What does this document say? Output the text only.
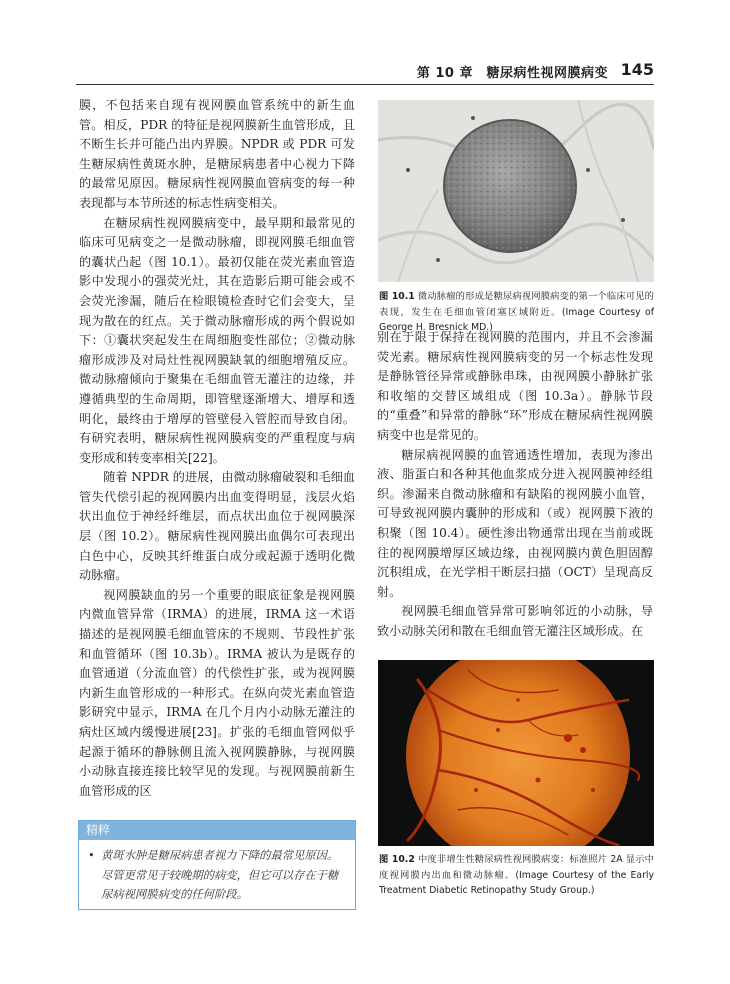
第 10 章　糖尿病性视网膜病变 145

膜，不包括来自现有视网膜血管系统中的新生血管。相反，PDR 的特征是视网膜新生血管形成，且不断生长并可能凸出内界膜。NPDR 或 PDR 可发生糖尿病性黄斑水肿，是糖尿病患者中心视力下降的最常见原因。糖尿病性视网膜血管病变的每一种表现都与本节所述的标志性病变相关。

在糖尿病性视网膜病变中，最早期和最常见的临床可见病变之一是微动脉瘤，即视网膜毛细血管的囊状凸起（图 10.1）。最初仅能在荧光素血管造影中发现小的强荧光灶，其在造影后期可能会或不会荧光渗漏，随后在检眼镜检查时它们会变大，呈现为散在的红点。关于微动脉瘤形成的两个假说如下：①囊状突起发生在周细胞变性部位；②微动脉瘤形成涉及对局灶性视网膜缺氧的细胞增殖反应。微动脉瘤倾向于聚集在毛细血管无灌注的边缘，并遵循典型的生命周期，即管壁逐渐增大、增厚和透明化，最终由于增厚的管壁侵入管腔而导致自闭。有研究表明，糖尿病性视网膜病变的严重程度与病变形成和转变率相关[22]。

随着 NPDR 的进展，由微动脉瘤破裂和毛细血管失代偿引起的视网膜内出血变得明显，浅层火焰状出血位于神经纤维层，而点状出血位于视网膜深层（图 10.2）。糖尿病性视网膜出血偶尔可表现出白色中心，反映其纤维蛋白成分或起源于透明化微动脉瘤。

视网膜缺血的另一个重要的眼底征象是视网膜内微血管异常（IRMA）的进展，IRMA 这一术语描述的是视网膜毛细血管床的不规则、节段性扩张和血管循环（图 10.3b）。IRMA 被认为是既存的血管通道（分流血管）的代偿性扩张，或为视网膜内新生血管形成的一种形式。在纵向荧光素血管造影研究中显示，IRMA 在几个月内小动脉无灌注的病灶区域内缓慢进展[23]。扩张的毛细血管网似乎起源于循环的静脉侧且流入视网膜静脉，与视网膜小动脉直接连接比较罕见的发现。与视网膜前新生血管形成的区

图 10.1 微动脉瘤的形成是糖尿病视网膜病变的第一个临床可见的表现，发生在毛细血管闭塞区域附近。(Image Courtesy of George H. Bresnick MD.)

别在于限于保持在视网膜的范围内，并且不会渗漏荧光素。糖尿病性视网膜病变的另一个标志性发现是静脉管径异常或静脉串珠，由视网膜小静脉扩张和收缩的交替区域组成（图 10.3a）。静脉节段的“重叠”和异常的静脉“环”形成在糖尿病性视网膜病变中也是常见的。

糖尿病视网膜的血管通透性增加，表现为渗出液、脂蛋白和各种其他血浆成分进入视网膜神经组织。渗漏来自微动脉瘤和有缺陷的视网膜小血管，可导致视网膜内囊肿的形成和（或）视网膜下液的积聚（图 10.4）。硬性渗出物通常出现在当前或既往的视网膜增厚区域边缘，由视网膜内黄色胆固醇沉积组成，在光学相干断层扫描（OCT）呈现高反射。

视网膜毛细血管异常可影响邻近的小动脉，导致小动脉关闭和散在毛细血管无灌注区域形成。在

图 10.2 中度非增生性糖尿病性视网膜病变：标准照片 2A 显示中度视网膜内出血和微动脉瘤。(Image Courtesy of the Early Treatment Diabetic Retinopathy Study Group.)
精粹
• 黄斑水肿是糖尿病患者视力下降的最常见原因。尽管更常见于较晚期的病变，但它可以存在于糖尿病视网膜病变的任何阶段。
